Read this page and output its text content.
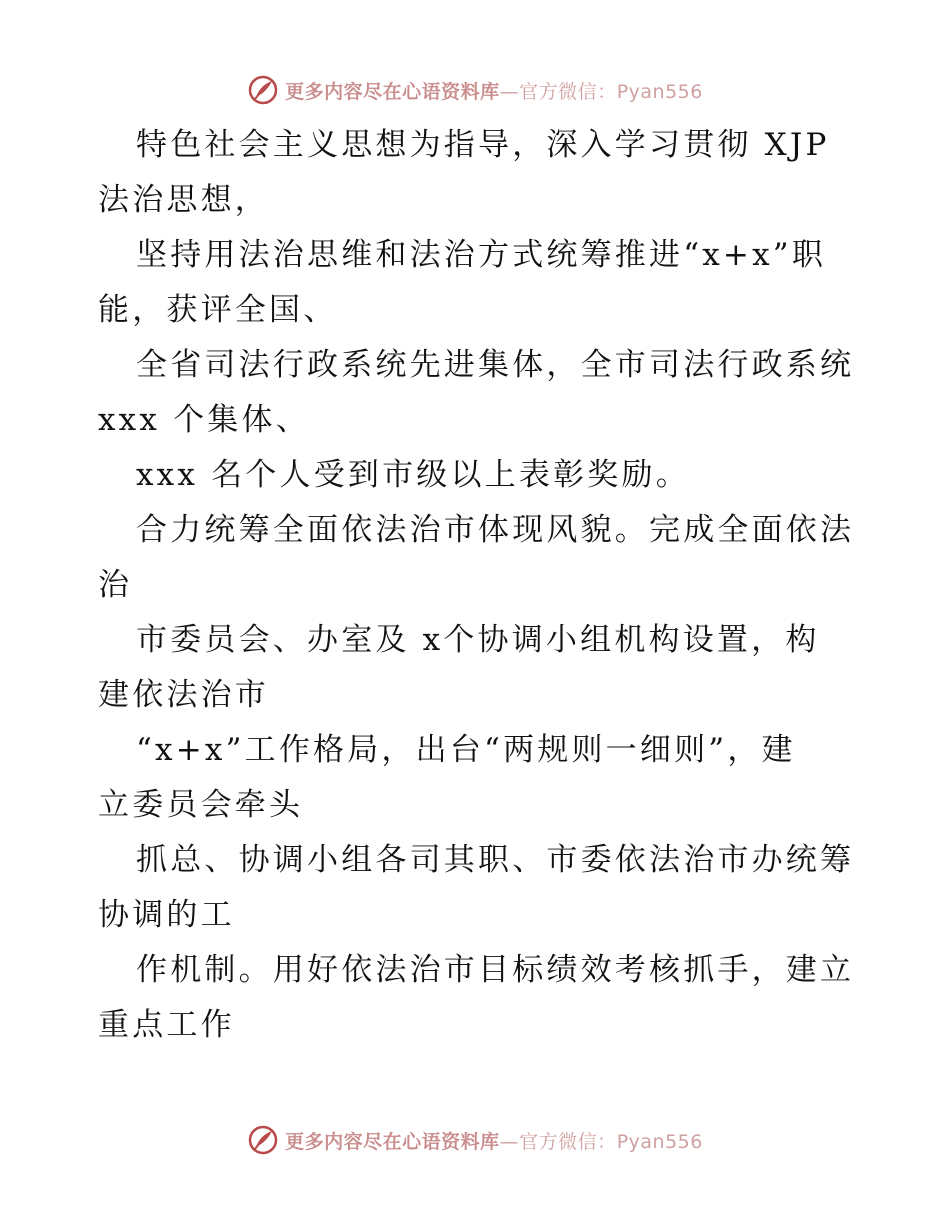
更多内容尽在心语资料库—官方微信：Pyan556
特色社会主义思想为指导，深入学习贯彻 XJP
法治思想，
坚持用法治思维和法治方式统筹推进“x+x”职
能，获评全国、
全省司法行政系统先进集体，全市司法行政系统
xxx 个集体、
xxx 名个人受到市级以上表彰奖励。
合力统筹全面依法治市体现风貌。完成全面依法
治
市委员会、办室及 x个协调小组机构设置，构
建依法治市
“x+x”工作格局，出台“两规则一细则”，建
立委员会牵头
抓总、协调小组各司其职、市委依法治市办统筹
协调的工
作机制。用好依法治市目标绩效考核抓手，建立
重点工作
更多内容尽在心语资料库—官方微信：Pyan556
